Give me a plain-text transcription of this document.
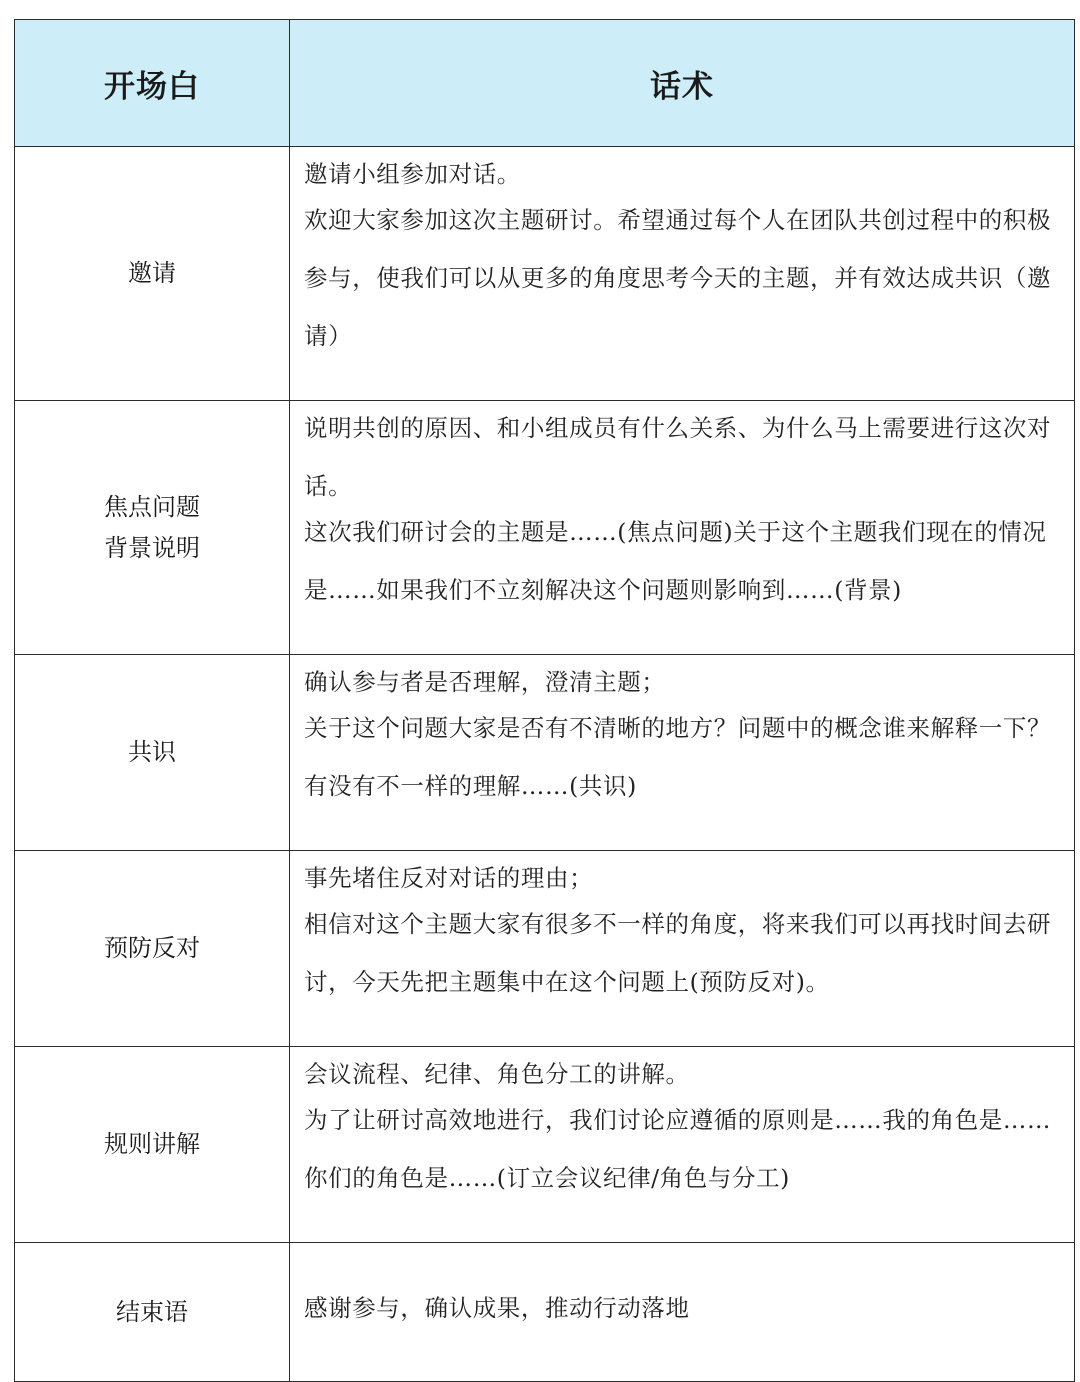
开场白	话术
邀请	邀请小组参加对话。
欢迎大家参加这次主题研讨。希望通过每个人在团队共创过程中的积极参与，使我们可以从更多的角度思考今天的主题，并有效达成共识（邀请）

焦点问题
背景说明	说明共创的原因、和小组成员有什么关系、为什么马上需要进行这次对话。
这次我们研讨会的主题是……(焦点问题)关于这个主题我们现在的情况是……如果我们不立刻解决这个问题则影响到……(背景)

共识	确认参与者是否理解，澄清主题；
关于这个问题大家是否有不清晰的地方？问题中的概念谁来解释一下？有没有不一样的理解……(共识)

预防反对	事先堵住反对对话的理由；
相信对这个主题大家有很多不一样的角度，将来我们可以再找时间去研讨，今天先把主题集中在这个问题上(预防反对)。

规则讲解	会议流程、纪律、角色分工的讲解。
为了让研讨高效地进行，我们讨论应遵循的原则是……我的角色是……你们的角色是……(订立会议纪律/角色与分工)

结束语	感谢参与，确认成果，推动行动落地
